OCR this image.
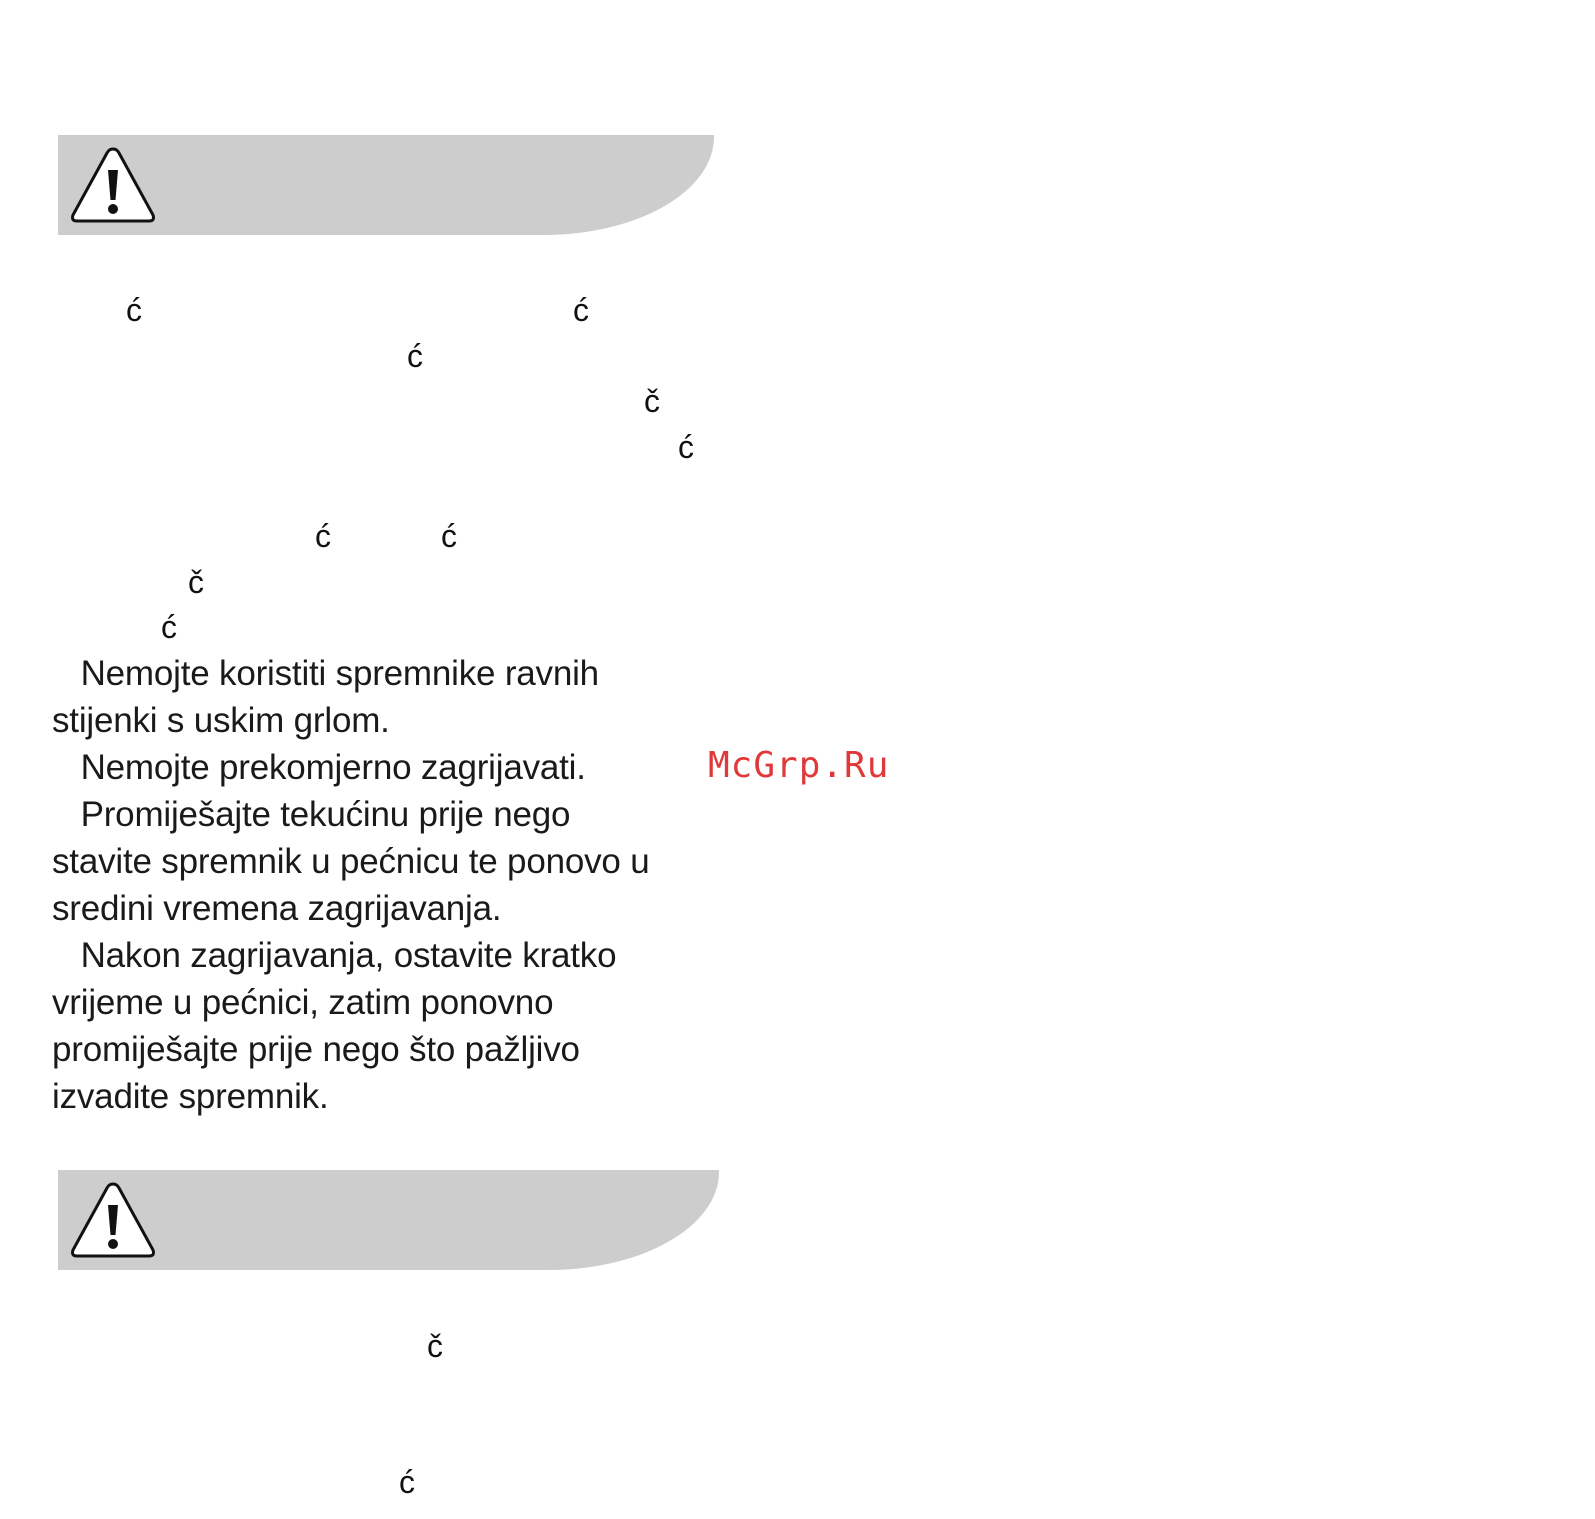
ć	ć
ć
č
ć
ć	ć
č
ć

Nemojte koristiti spremnike ravnih
stijenki s uskim grlom.

Nemojte prekomjerno zagrijavati.

Promiješajte tekućinu prije nego
stavite spremnik u pećnicu te ponovo u
sredini vremena zagrijavanja.

Nakon zagrijavanja, ostavite kratko
vrijeme u pećnici, zatim ponovno
promiješajte prije nego što pažljivo
izvadite spremnik.

McGrp.Ru
č
ć
